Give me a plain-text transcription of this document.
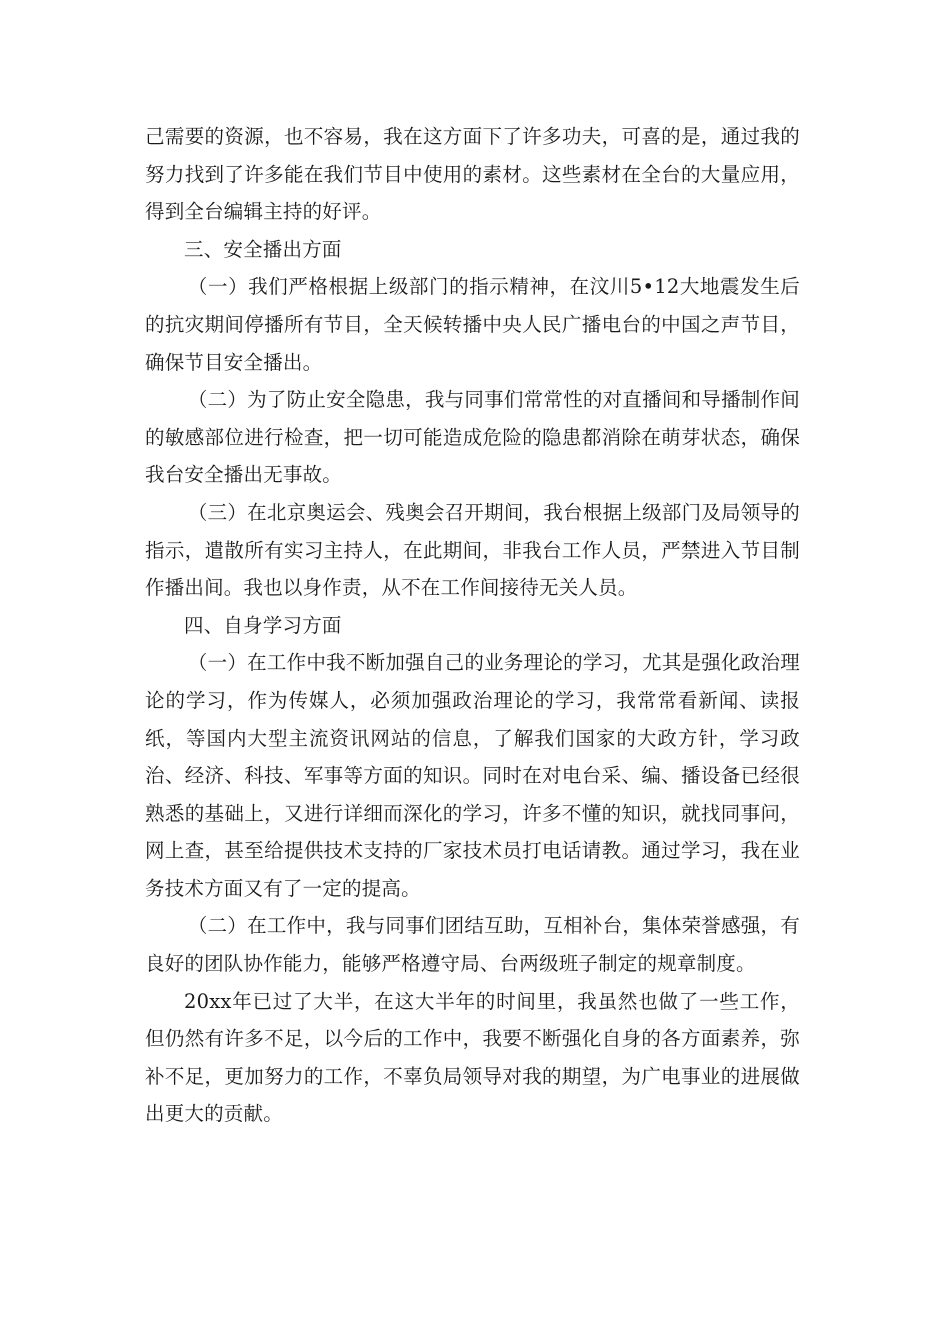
己需要的资源，也不容易，我在这方面下了许多功夫，可喜的是，通过我的努力找到了许多能在我们节目中使用的素材。这些素材在全台的大量应用，得到全台编辑主持的好评。

三、安全播出方面

（一）我们严格根据上级部门的指示精神，在汶川5•12大地震发生后的抗灾期间停播所有节目，全天候转播中央人民广播电台的中国之声节目，确保节目安全播出。

（二）为了防止安全隐患，我与同事们常常性的对直播间和导播制作间的敏感部位进行检查，把一切可能造成危险的隐患都消除在萌芽状态，确保我台安全播出无事故。

（三）在北京奥运会、残奥会召开期间，我台根据上级部门及局领导的指示，遣散所有实习主持人，在此期间，非我台工作人员，严禁进入节目制作播出间。我也以身作责，从不在工作间接待无关人员。

四、自身学习方面

（一）在工作中我不断加强自己的业务理论的学习，尤其是强化政治理论的学习，作为传媒人，必须加强政治理论的学习，我常常看新闻、读报纸，等国内大型主流资讯网站的信息，了解我们国家的大政方针，学习政治、经济、科技、军事等方面的知识。同时在对电台采、编、播设备已经很熟悉的基础上，又进行详细而深化的学习，许多不懂的知识，就找同事问，网上查，甚至给提供技术支持的厂家技术员打电话请教。通过学习，我在业务技术方面又有了一定的提高。

（二）在工作中，我与同事们团结互助，互相补台，集体荣誉感强，有良好的团队协作能力，能够严格遵守局、台两级班子制定的规章制度。

20xx年已过了大半，在这大半年的时间里，我虽然也做了一些工作，但仍然有许多不足，以今后的工作中，我要不断强化自身的各方面素养，弥补不足，更加努力的工作，不辜负局领导对我的期望，为广电事业的进展做出更大的贡献。
